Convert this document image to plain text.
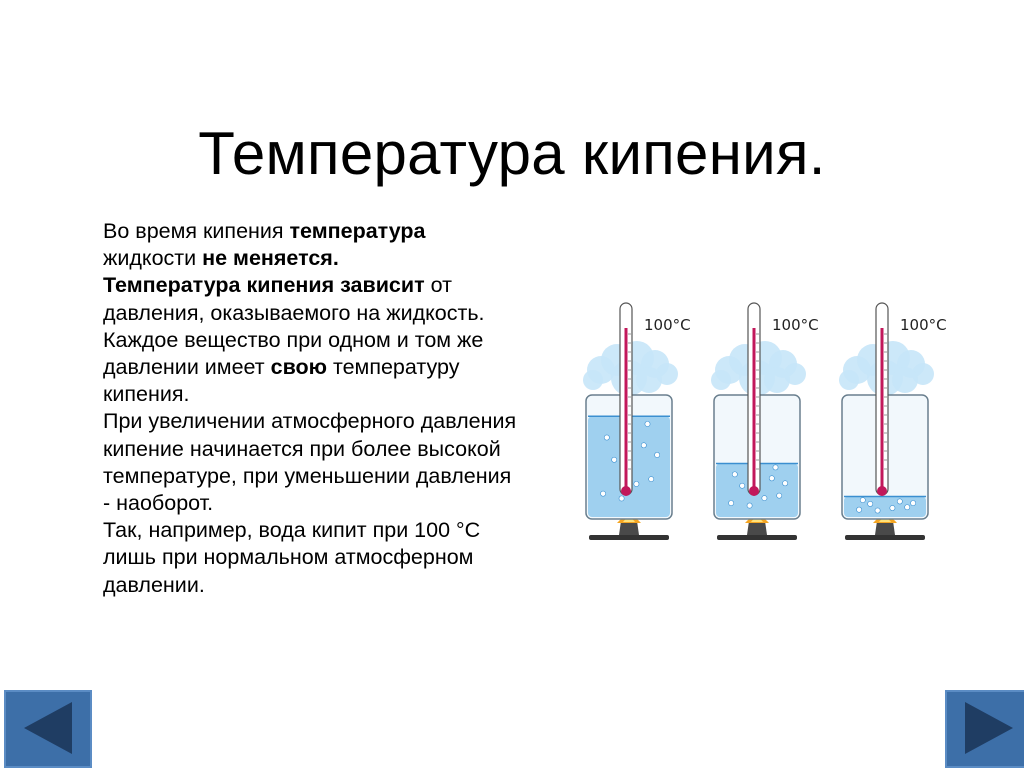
Температура кипения.

Во время кипения температура жидкости не меняется.

Температура кипения зависит от давления, оказываемого на жидкость.

Каждое вещество при одном и том же давлении имеет свою температуру кипения.

При увеличении атмосферного давления кипение начинается при более высокой температуре, при уменьшении давления - наоборот.

Так, например, вода кипит при 100 °C лишь при нормальном атмосферном давлении.

100°C	100°C	100°C
